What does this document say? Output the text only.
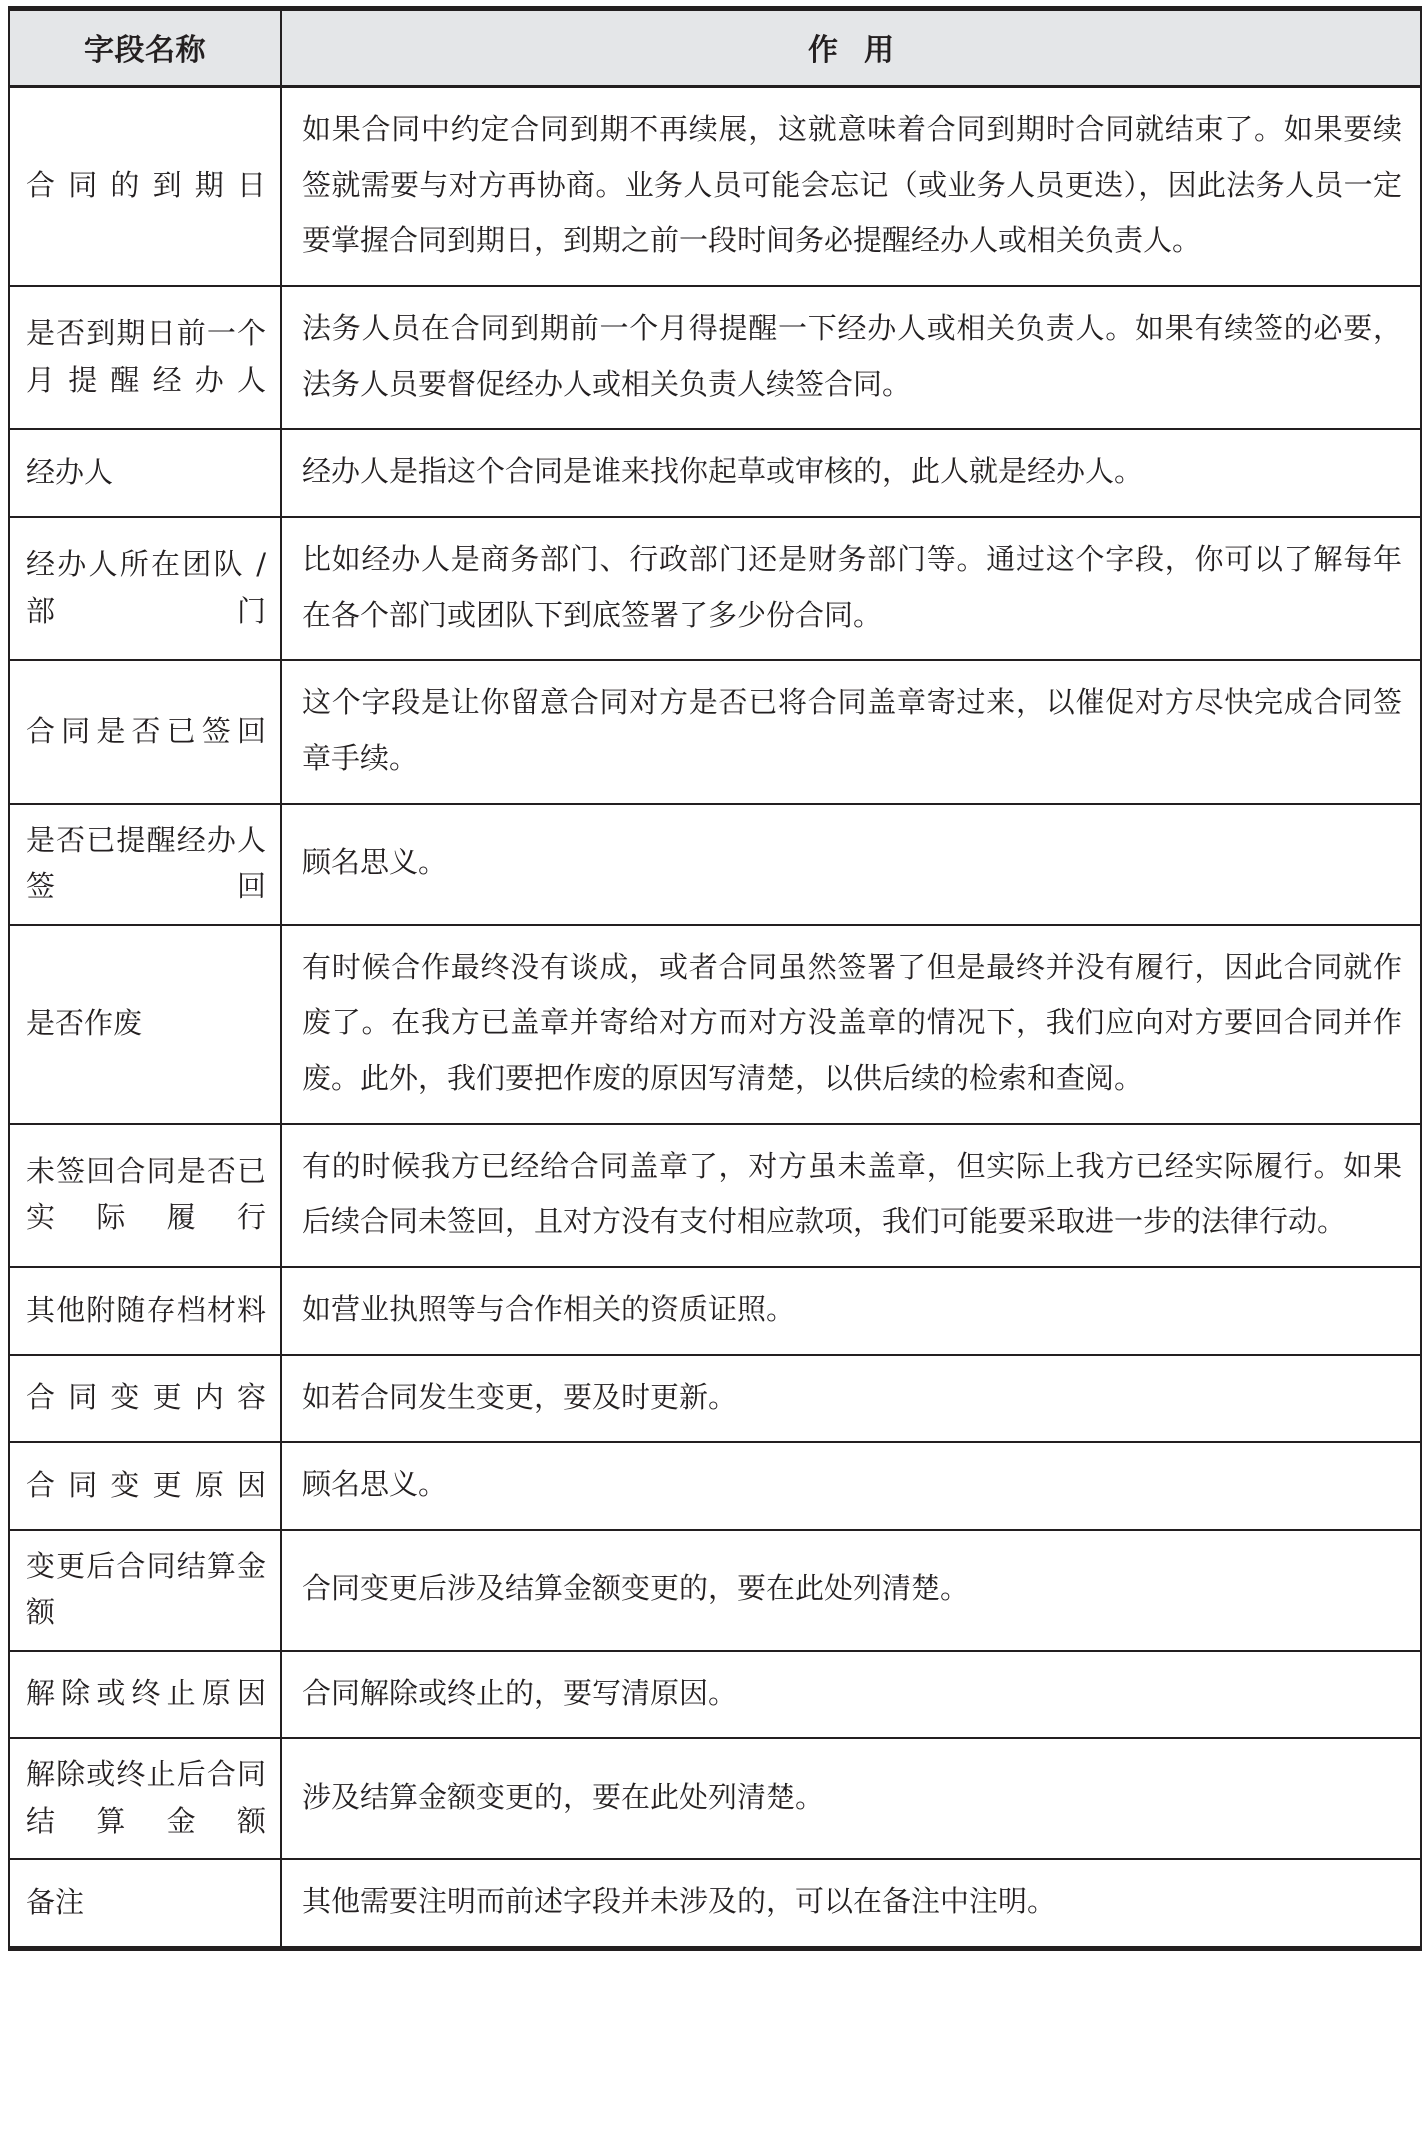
字段名称	作用
合同的到期日	如果合同中约定合同到期不再续展，这就意味着合同到期时合同就结束了。如果要续签就需要与对方再协商。业务人员可能会忘记（或业务人员更迭），因此法务人员一定要掌握合同到期日，到期之前一段时间务必提醒经办人或相关负责人。
是否到期日前一个月提醒经办人	法务人员在合同到期前一个月得提醒一下经办人或相关负责人。如果有续签的必要，法务人员要督促经办人或相关负责人续签合同。
经办人	经办人是指这个合同是谁来找你起草或审核的，此人就是经办人。
经办人所在团队 / 部门	比如经办人是商务部门、行政部门还是财务部门等。通过这个字段，你可以了解每年在各个部门或团队下到底签署了多少份合同。
合同是否已签回	这个字段是让你留意合同对方是否已将合同盖章寄过来，以催促对方尽快完成合同签章手续。
是否已提醒经办人签回	顾名思义。
是否作废	有时候合作最终没有谈成，或者合同虽然签署了但是最终并没有履行，因此合同就作废了。在我方已盖章并寄给对方而对方没盖章的情况下，我们应向对方要回合同并作废。此外，我们要把作废的原因写清楚，以供后续的检索和查阅。
未签回合同是否已实际履行	有的时候我方已经给合同盖章了，对方虽未盖章，但实际上我方已经实际履行。如果后续合同未签回，且对方没有支付相应款项，我们可能要采取进一步的法律行动。
其他附随存档材料	如营业执照等与合作相关的资质证照。
合同变更内容	如若合同发生变更，要及时更新。
合同变更原因	顾名思义。
变更后合同结算金额	合同变更后涉及结算金额变更的，要在此处列清楚。
解除或终止原因	合同解除或终止的，要写清原因。
解除或终止后合同结算金额	涉及结算金额变更的，要在此处列清楚。
备注	其他需要注明而前述字段并未涉及的，可以在备注中注明。
